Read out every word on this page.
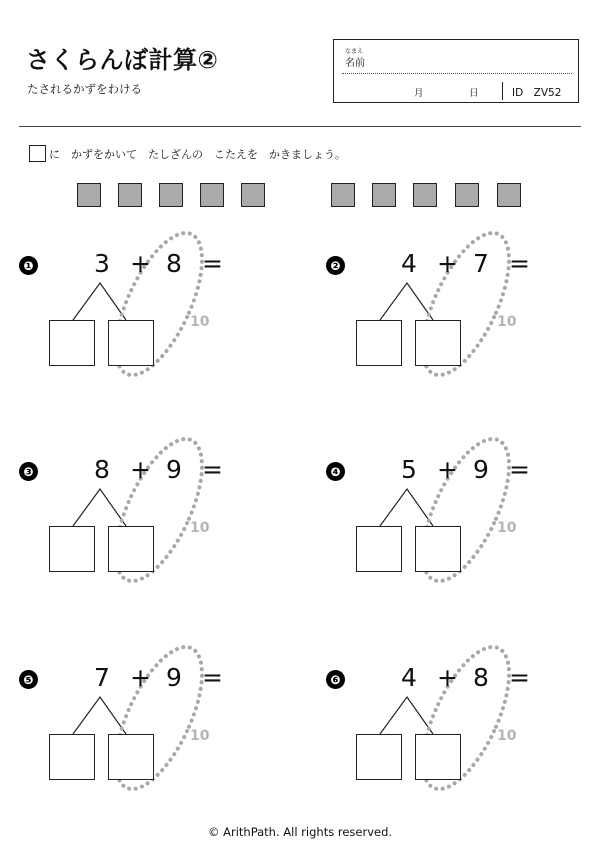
さくらんぼ計算②
たされるかずをわける
なまえ
名前
月	日	ID　ZV52
に　かずをかいて　たしざんの　こたえを　かきましょう。
❶ 3 + 8 =
10
❷ 4 + 7 =
10
❸ 8 + 9 =
10
❹ 5 + 9 =
10
❺ 7 + 9 =
10
❻ 4 + 8 =
10
© ArithPath. All rights reserved.
